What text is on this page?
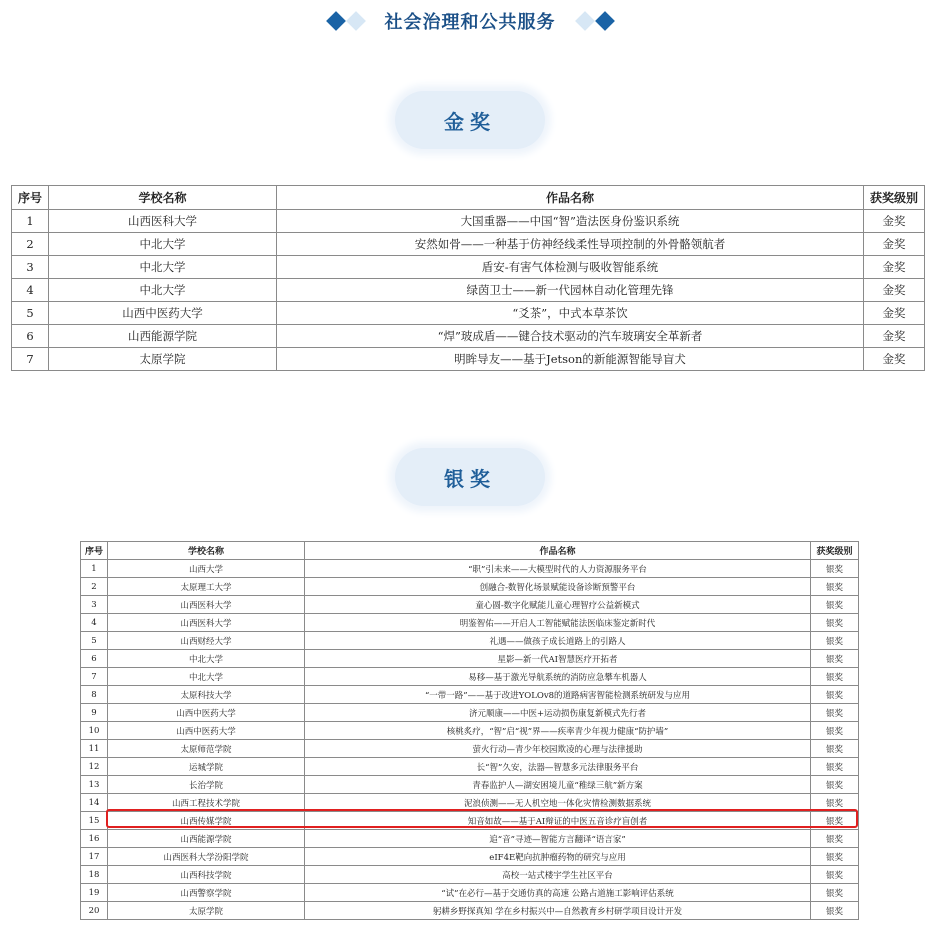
社会治理和公共服务
金奖
序号	学校名称	作品名称	获奖级别
1	山西医科大学	大国重器——中国“智”造法医身份鉴识系统	金奖
2	中北大学	安然如骨——一种基于仿神经线柔性导项控制的外骨骼领航者	金奖
3	中北大学	盾安-有害气体检测与吸收智能系统	金奖
4	中北大学	绿茵卫士——新一代园林自动化管理先锋	金奖
5	山西中医药大学	“爻茶”，中式本草茶饮	金奖
6	山西能源学院	“焊”玻成盾——键合技术驱动的汽车玻璃安全革新者	金奖
7	太原学院	明眸导友——基于Jetson的新能源智能导盲犬	金奖
银奖
序号	学校名称	作品名称	获奖级别
1	山西大学	“职”引未来——大模型时代的人力资源服务平台	银奖
2	太原理工大学	创融合-数智化场景赋能设备诊断预警平台	银奖
3	山西医科大学	童心圆-数字化赋能儿童心理智疗公益新模式	银奖
4	山西医科大学	明鉴智佑——开启人工智能赋能法医临床鉴定新时代	银奖
5	山西财经大学	礼遇——做孩子成长道路上的引路人	银奖
6	中北大学	星影—新一代AI智慧医疗开拓者	银奖
7	中北大学	易移—基于激光导航系统的消防应急攀车机器人	银奖
8	太原科技大学	“一带一路”——基于改进YOLOv8的道路病害智能检测系统研发与应用	银奖
9	山西中医药大学	济元顺康——中医+运动损伤康复新模式先行者	银奖
10	山西中医药大学	核桃炙疗，“智”启“视”界——疾率青少年视力健康“防护墙”	银奖
11	太原师范学院	萤火行动—青少年校园欺凌的心理与法律援助	银奖
12	运城学院	长“智”久安，法器—智慧多元法律服务平台	银奖
13	长治学院	青春监护人—湖安困境儿童“稚绿三航”新方案	银奖
14	山西工程技术学院	泥浪侦测——无人机空地一体化灾情检测数据系统	银奖
15	山西传媒学院	知音如故——基于AI辩证的中医五音诊疗盲创者	银奖
16	山西能源学院	追“音”寻迹—智能方言翻译“语言家”	银奖
17	山西医科大学汾阳学院	eIF4E靶向抗肿瘤药物的研究与应用	银奖
18	山西科技学院	高校一站式楼宇学生社区平台	银奖
19	山西警察学院	“试”在必行—基于交通仿真的高速 公路占道施工影响评估系统	银奖
20	太原学院	躬耕乡野探真知 学在乡村振兴中—自然教育乡村研学项目设计开发	银奖
